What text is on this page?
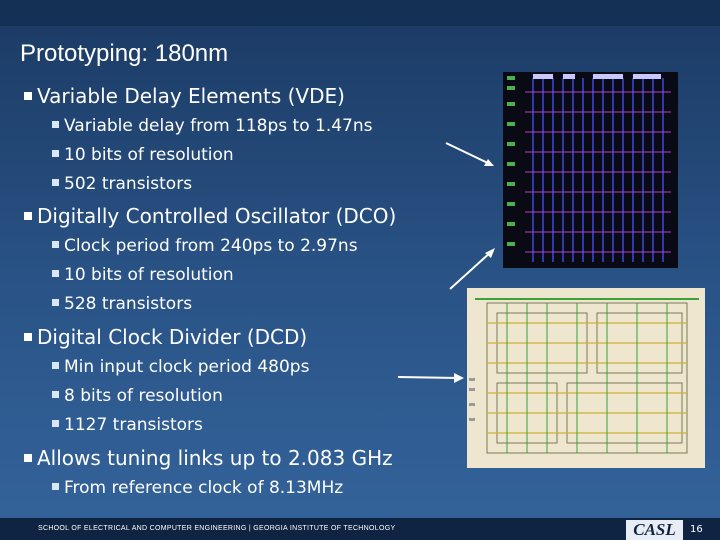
Prototyping: 180nm
Variable Delay Elements (VDE)
Variable delay from 118ps to 1.47ns
10 bits of resolution
502 transistors
Digitally Controlled Oscillator (DCO)
Clock period from 240ps to 2.97ns
10 bits of resolution
528 transistors
Digital Clock Divider (DCD)
Min input clock period 480ps
8 bits of resolution
1127 transistors
Allows tuning links up to 2.083 GHz
From reference clock of 8.13MHz
SCHOOL OF ELECTRICAL AND COMPUTER ENGINEERING | GEORGIA INSTITUTE OF TECHNOLOGY	CASL	16
